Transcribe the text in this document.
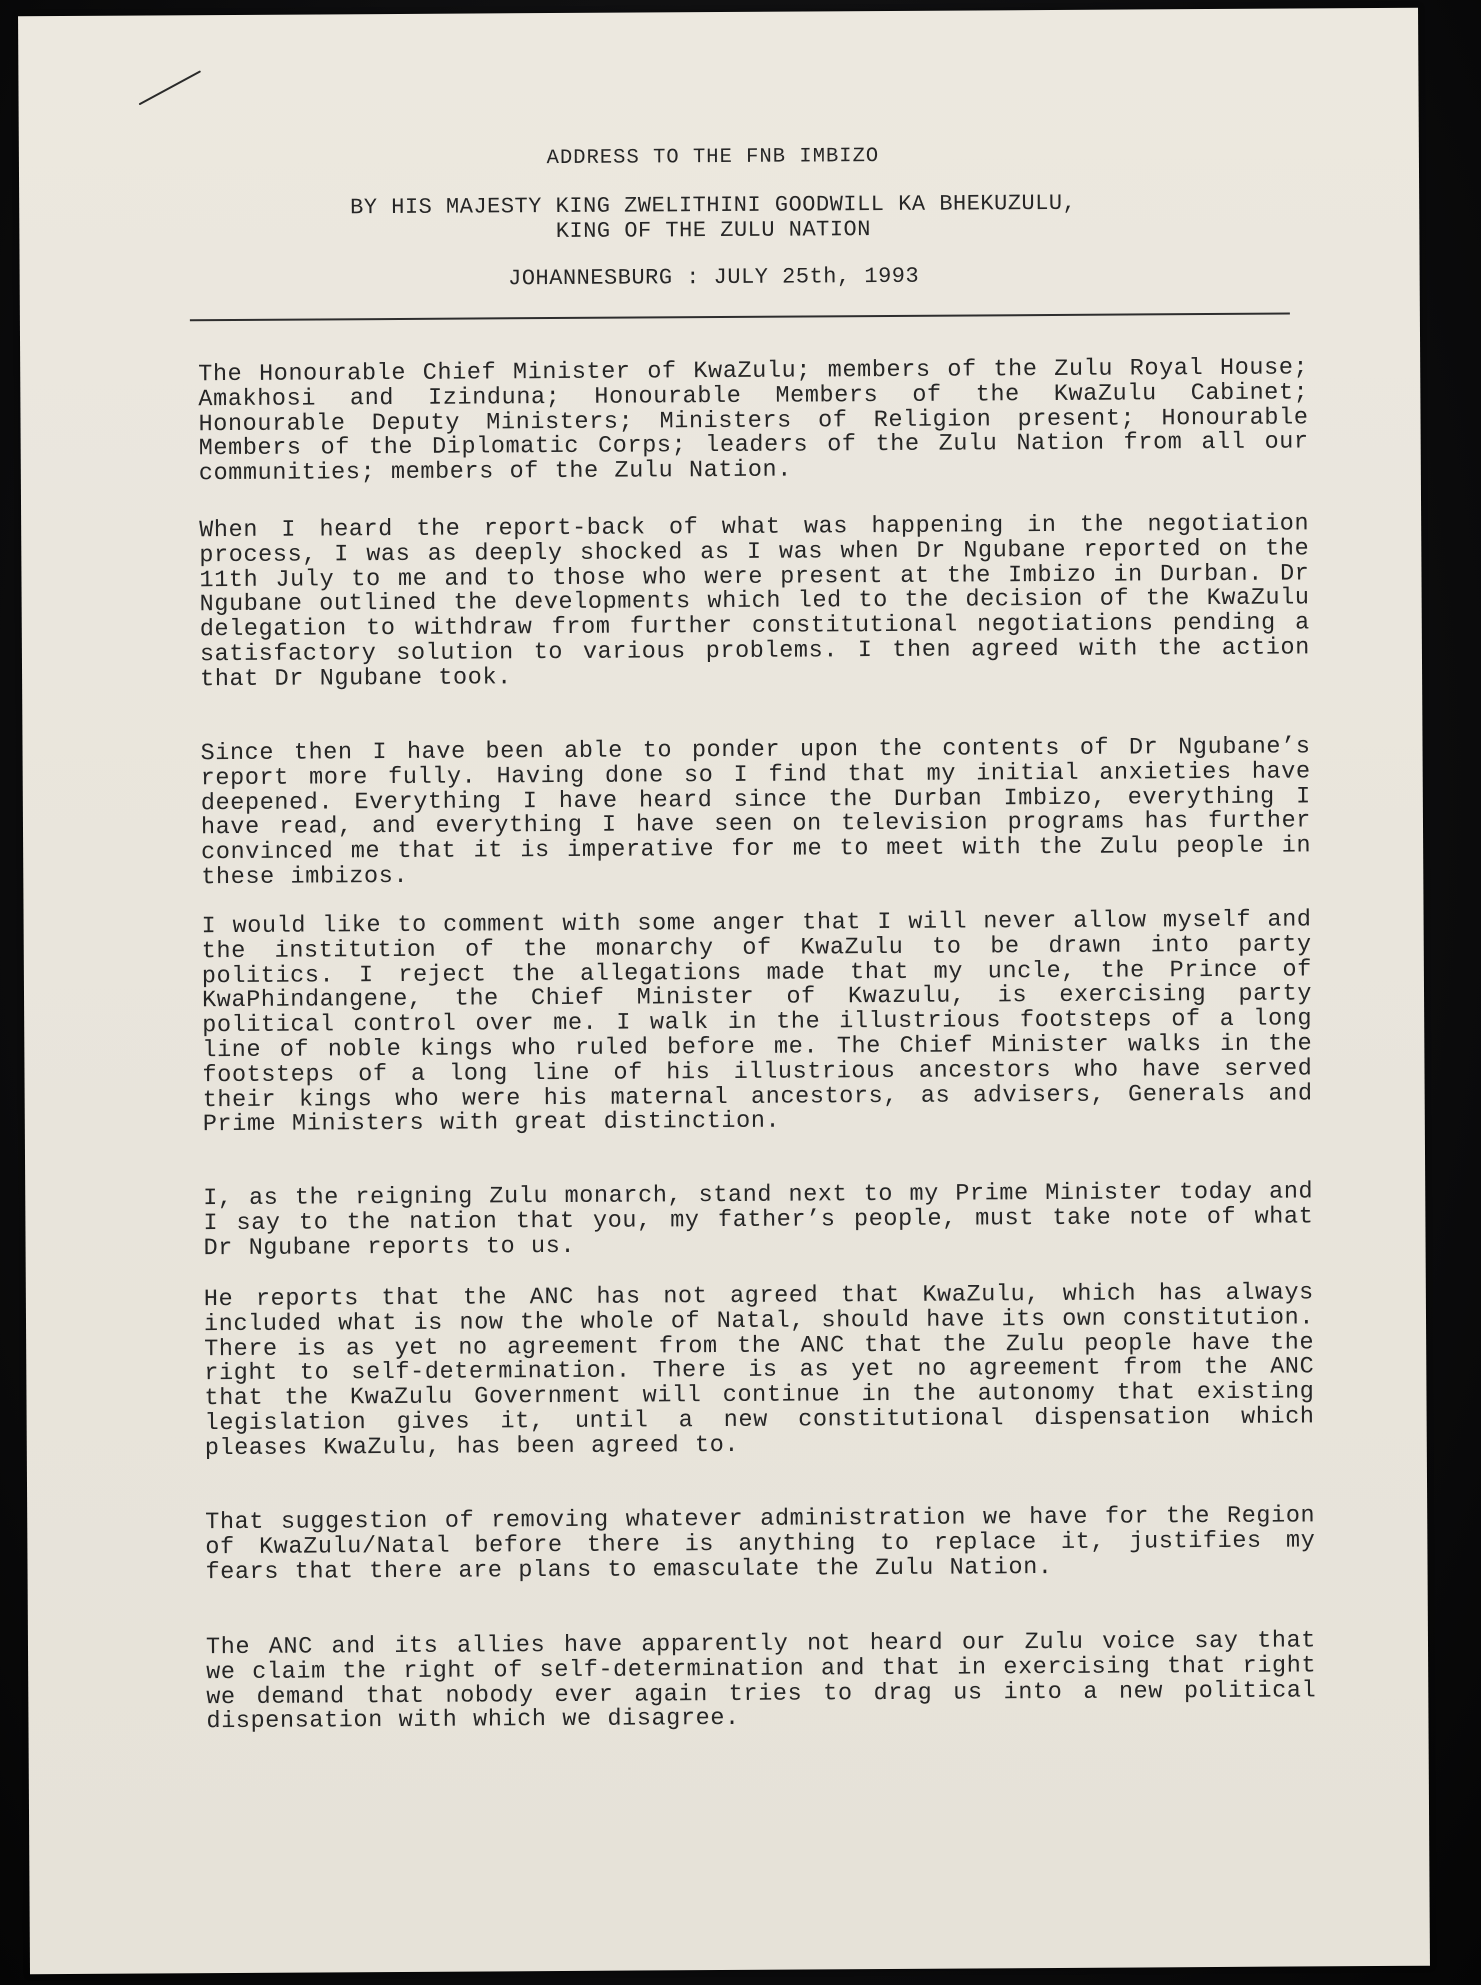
ADDRESS TO THE FNB IMBIZO
BY HIS MAJESTY KING ZWELITHINI GOODWILL KA BHEKUZULU,
KING OF THE ZULU NATION
JOHANNESBURG : JULY 25th, 1993
The Honourable Chief Minister of KwaZulu; members of the Zulu Royal House; Amakhosi and Izinduna; Honourable Members of the KwaZulu Cabinet; Honourable Deputy Ministers; Ministers of Religion present; Honourable Members of the Diplomatic Corps; leaders of the Zulu Nation from all our communities; members of the Zulu Nation.
When I heard the report-back of what was happening in the negotiation process, I was as deeply shocked as I was when Dr Ngubane reported on the 11th July to me and to those who were present at the Imbizo in Durban. Dr Ngubane outlined the developments which led to the decision of the KwaZulu delegation to withdraw from further constitutional negotiations pending a satisfactory solution to various problems. I then agreed with the action that Dr Ngubane took.
Since then I have been able to ponder upon the contents of Dr Ngubane’s report more fully. Having done so I find that my initial anxieties have deepened. Everything I have heard since the Durban Imbizo, everything I have read, and everything I have seen on television programs has further convinced me that it is imperative for me to meet with the Zulu people in these imbizos.
I would like to comment with some anger that I will never allow myself and the institution of the monarchy of KwaZulu to be drawn into party politics. I reject the allegations made that my uncle, the Prince of KwaPhindangene, the Chief Minister of Kwazulu, is exercising party political control over me. I walk in the illustrious footsteps of a long line of noble kings who ruled before me. The Chief Minister walks in the footsteps of a long line of his illustrious ancestors who have served their kings who were his maternal ancestors, as advisers, Generals and Prime Ministers with great distinction.
I, as the reigning Zulu monarch, stand next to my Prime Minister today and I say to the nation that you, my father’s people, must take note of what Dr Ngubane reports to us.
He reports that the ANC has not agreed that KwaZulu, which has always included what is now the whole of Natal, should have its own constitution. There is as yet no agreement from the ANC that the Zulu people have the right to self-determination. There is as yet no agreement from the ANC that the KwaZulu Government will continue in the autonomy that existing legislation gives it, until a new constitutional dispensation which pleases KwaZulu, has been agreed to.
That suggestion of removing whatever administration we have for the Region of KwaZulu/Natal before there is anything to replace it, justifies my fears that there are plans to emasculate the Zulu Nation.
The ANC and its allies have apparently not heard our Zulu voice say that we claim the right of self-determination and that in exercising that right we demand that nobody ever again tries to drag us into a new political dispensation with which we disagree.
